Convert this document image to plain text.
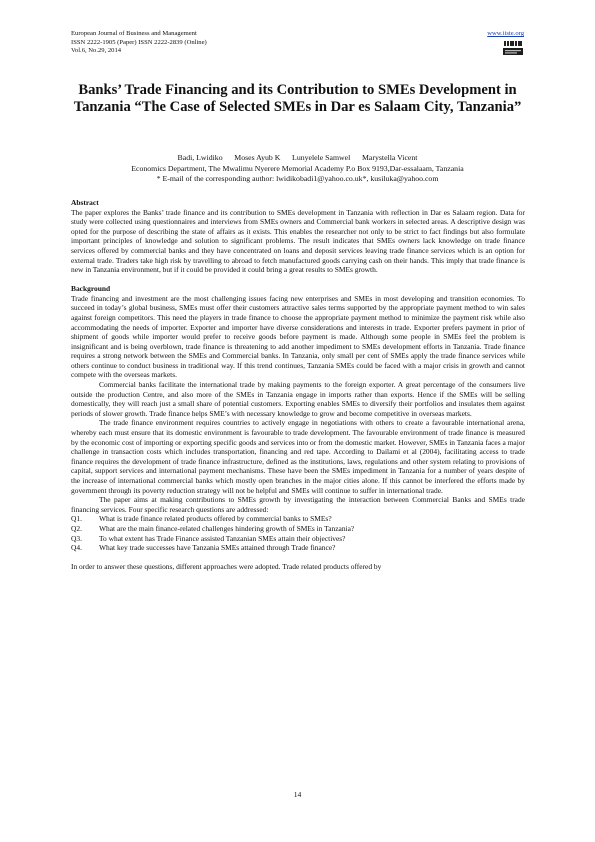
European Journal of Business and Management
ISSN 2222-1905 (Paper) ISSN 2222-2839 (Online)
Vol.6, No.29, 2014
www.iiste.org
Banks’ Trade Financing and its Contribution to SMEs Development in Tanzania “The Case of Selected SMEs in Dar es Salaam City, Tanzania”
Badi, Lwidiko      Moses Ayub K      Lunyelele Samwel      Marystella Vicent
Economics Department, The Mwalimu Nyerere Memorial Academy P.o Box 9193,Dar-essalaam, Tanzania
* E-mail of the corresponding author: lwidikobadi1@yahoo.co.uk*, kusiluka@yahoo.com

Abstract

The paper explores the Banks’ trade finance and its contribution to SMEs development in Tanzania with reflection in Dar es Salaam region. Data for study were collected using questionnaires and interviews from SMEs owners and Commercial bank workers in selected areas. A descriptive design was opted for the purpose of describing the state of affairs as it exists. This enables the researcher not only to be strict to fact findings but also formulate important principles of knowledge and solution to significant problems. The result indicates that SMEs owners lack knowledge on trade finance services offered by commercial banks and they have concentrated on loans and deposit services leaving trade finance services which is an option for external trade. Traders take high risk by travelling to abroad to fetch manufactured goods carrying cash on their hands. This imply that trade finance is new in Tanzania environment, but if it could be provided it could bring a great results to SMEs growth.

Background

Trade financing and investment are the most challenging issues facing new enterprises and SMEs in most developing and transition economies. To succeed in today’s global business, SMEs must offer their customers attractive sales terms supported by the appropriate payment method to win sales against foreign competitors. This need the players in trade finance to choose the appropriate payment method to minimize the payment risk while also accommodating the needs of importer. Exporter and importer have diverse considerations and interests in trade. Exporter prefers payment in prior of shipment of goods while importer would prefer to receive goods before payment is made. Although some people in SMEs feel the problem is insignificant and is being overblown, trade finance is threatening to add another impediment to SMEs development efforts in Tanzania. Trade finance requires a strong network between the SMEs and Commercial banks. In Tanzania, only small per cent of SMEs apply the trade finance services while others continue to conduct business in traditional way. If this trend continues, Tanzania SMEs could be faced with a major crisis in growth and cannot compete with the overseas markets.

Commercial banks facilitate the international trade by making payments to the foreign exporter. A great percentage of the consumers live outside the production Centre, and also more of the SMEs in Tanzania engage in imports rather than exports. Hence if the SMEs will be selling domestically, they will reach just a small share of potential customers. Exporting enables SMEs to diversify their portfolios and insulates them against periods of slower growth. Trade finance helps SME’s with necessary knowledge to grow and become competitive in overseas markets.

The trade finance environment requires countries to actively engage in negotiations with others to create a favourable international arena, whereby each must ensure that its domestic environment is favourable to trade development. The favourable environment of trade finance is measured by the economic cost of importing or exporting specific goods and services into or from the domestic market. However, SMEs in Tanzania faces a major challenge in transaction costs which includes transportation, financing and red tape. According to Dailami et al (2004), facilitating access to trade finance requires the development of trade finance infrastructure, defined as the institutions, laws, regulations and other system relating to provisions of capital, support services and international payment mechanisms. These have been the SMEs impediment in Tanzania for a number of years despite of the increase of international commercial banks which mostly open branches in the major cities alone. If this cannot be interfered the efforts made by government through its poverty reduction strategy will not be helpful and SMEs will continue to suffer in international trade.

The paper aims at making contributions to SMEs growth by investigating the interaction between Commercial Banks and SMEs trade financing services. Four specific research questions are addressed:

Q1.	What is trade finance related products offered by commercial banks to SMEs?
Q2.	What are the main finance-related challenges hindering growth of SMEs in Tanzania?
Q3.	To what extent has Trade Finance assisted Tanzanian SMEs attain their objectives?
Q4.	What key trade successes have Tanzania SMEs attained through Trade finance?

In order to answer these questions, different approaches were adopted. Trade related products offered by

14
